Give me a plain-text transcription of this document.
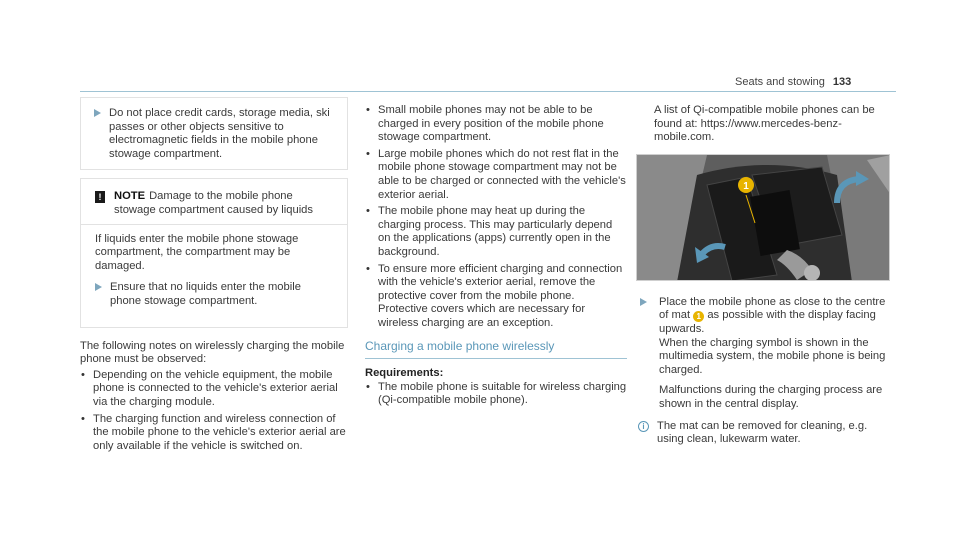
Seats and stowing 133

Do not place credit cards, storage media, ski passes or other objects sensitive to electromagnetic fields in the mobile phone stowage compartment.

!	NOTE Damage to the mobile phone stowage compartment caused by liquids

If liquids enter the mobile phone stowage compartment, the compartment may be damaged.

Ensure that no liquids enter the mobile phone stowage compartment.

The following notes on wirelessly charging the mobile phone must be observed:

• Depending on the vehicle equipment, the mobile phone is connected to the vehicle's exterior aerial via the charging module.
• The charging function and wireless connection of the mobile phone to the vehicle's exterior aerial are only available if the vehicle is switched on.
• Small mobile phones may not be able to be charged in every position of the mobile phone stowage compartment.
• Large mobile phones which do not rest flat in the mobile phone stowage compartment may not be able to be charged or connected with the vehicle's exterior aerial.
• The mobile phone may heat up during the charging process. This may particularly depend on the applications (apps) currently open in the background.
• To ensure more efficient charging and connection with the vehicle's exterior aerial, remove the protective cover from the mobile phone. Protective covers which are necessary for wireless charging are an exception.
Charging a mobile phone wirelessly
Requirements:
• The mobile phone is suitable for wireless charging (Qi-compatible mobile phone).

A list of Qi-compatible mobile phones can be found at: https://www.mercedes-benz-mobile.com.

1

Place the mobile phone as close to the centre of mat 1 as possible with the display facing upwards.
When the charging symbol is shown in the multimedia system, the mobile phone is being charged.

Malfunctions during the charging process are shown in the central display.

i	The mat can be removed for cleaning, e.g. using clean, lukewarm water.
